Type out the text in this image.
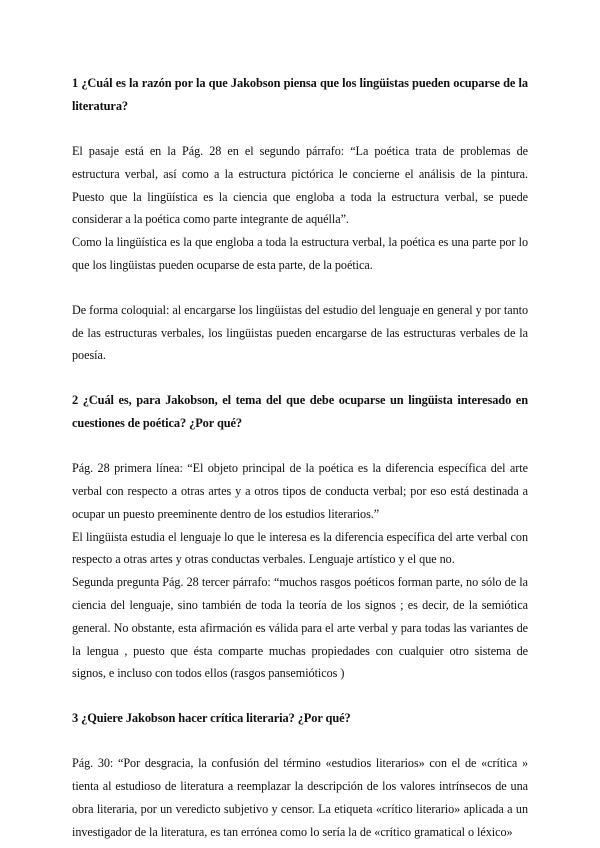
1 ¿Cuál es la razón por la que Jakobson piensa que los lingüistas pueden ocuparse de la literatura?

El pasaje está en la Pág. 28 en el segundo párrafo: “La poética trata de problemas de estructura verbal, así como a la estructura pictórica le concierne el análisis de la pintura. Puesto que la lingüística es la ciencia que engloba a toda la estructura verbal, se puede considerar a la poética como parte integrante de aquélla”.

Como la lingüística es la que engloba a toda la estructura verbal, la poética es una parte por lo que los lingüistas pueden ocuparse de esta parte, de la poética.

De forma coloquial: al encargarse los lingüistas del estudio del lenguaje en general y por tanto de las estructuras verbales, los lingüistas pueden encargarse de las estructuras verbales de la poesía.

2 ¿Cuál es, para Jakobson, el tema del que debe ocuparse un lingüista interesado en cuestiones de poética? ¿Por qué?

Pág. 28 primera línea: “El objeto principal de la poética es la diferencia específica del arte verbal con respecto a otras artes y a otros tipos de conducta verbal; por eso está destinada a ocupar un puesto preeminente dentro de los estudios literarios.”

El lingüista estudia el lenguaje lo que le interesa es la diferencia específica del arte verbal con respecto a otras artes y otras conductas verbales. Lenguaje artístico y el que no.

Segunda pregunta Pág. 28 tercer párrafo: “muchos rasgos poéticos forman parte, no sólo de la ciencia del lenguaje, sino también de toda la teoría de los signos ; es decir, de la semiótica general. No obstante, esta afirmación es válida para el arte verbal y para todas las variantes de la lengua , puesto que ésta comparte muchas propiedades con cualquier otro sistema de signos, e incluso con todos ellos (rasgos pansemióticos )

3 ¿Quiere Jakobson hacer crítica literaria? ¿Por qué?

Pág. 30: “Por desgracia, la confusión del término «estudios literarios» con el de «crítica » tienta al estudioso de literatura a reemplazar la descripción de los valores intrínsecos de una obra literaria, por un veredicto subjetivo y censor. La etiqueta «crítico literario» aplicada a un investigador de la literatura, es tan errónea como lo sería la de «crítico gramatical o léxico»
